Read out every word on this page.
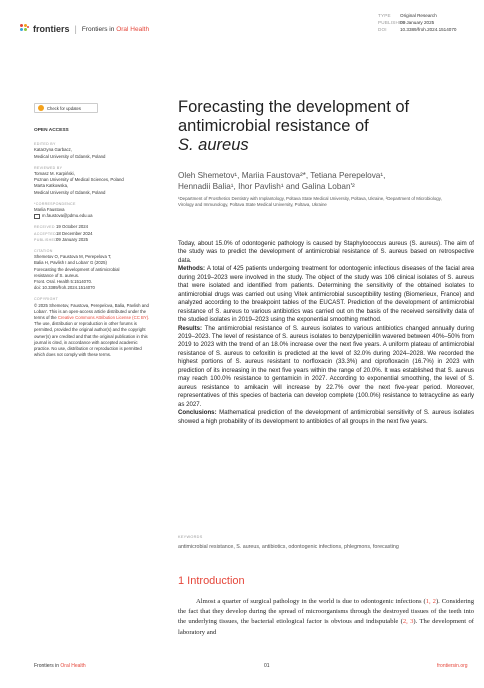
frontiers | Frontiers in Oral Health
TYPE Original Research
PUBLISHED09 January 2025
DOI	10.3389/froh.2024.1514070
Check for updates
OPEN ACCESS
EDITED BY
Katarzyna Garbacz,
Medical University of Gdansk, Poland
REVIEWED BY
Tomasz M. Karpiński,
Poznan University of Medical Sciences, Poland
Marta Katkowska,
Medical University of Gdansk, Poland
*CORRESPONDENCE
Mariia Faustova
m.faustova@pdmu.edu.ua
RECEIVED19 October 2024
ACCEPTED18 December 2024
PUBLISHED09 January 2025
CITATION
Shemetov O, Faustova M, Perepelova T,
Balia H, Pavlish I and Loban' G (2025)
Forecasting the development of antimicrobial
resistance of S. aureus.
Front. Oral. Health 5:1514070.
doi: 10.3389/froh.2024.1514070
COPYRIGHT
© 2025 Shemetov, Faustova, Perepelova, Balia, Pavlish and Loban'. This is an open-access article distributed under the terms of the Creative Commons Attribution License (CC BY). The use, distribution or reproduction in other forums is permitted, provided the original author(s) and the copyright owner(s) are credited and that the original publication in this journal is cited, in accordance with accepted academic practice. No use, distribution or reproduction is permitted which does not comply with these terms.
Forecasting the development of
antimicrobial resistance of
S. aureus
Oleh Shemetov¹, Mariia Faustova²*, Tetiana Perepelova¹,
Hennadii Balia¹, Ihor Pavlish¹ and Galina Loban'²
¹Department of Prosthetics Dentistry with Implantology, Poltava State Medical University, Poltava, Ukraine, ²Department of Microbiology, Virology and Immunology, Poltava State Medical University, Poltava, Ukraine

Today, about 15.0% of odontogenic pathology is caused by Staphylococcus aureus (S. aureus). The aim of the study was to predict the development of antimicrobial resistance of S. aureus based on retrospective data.

Methods: A total of 425 patients undergoing treatment for odontogenic infectious diseases of the facial area during 2019–2023 were involved in the study. The object of the study was 106 clinical isolates of S. aureus that were isolated and identified from patients. Determining the sensitivity of the obtained isolates to antimicrobial drugs was carried out using Vitek antimicrobial susceptibility testing (Biomerieux, France) and analyzed according to the breakpoint tables of the EUCAST. Prediction of the development of antimicrobial resistance of S. aureus to various antibiotics was carried out on the basis of the received sensitivity data of the studied isolates in 2019–2023 using the exponential smoothing method.

Results: The antimicrobial resistance of S. aureus isolates to various antibiotics changed annually during 2019–2023. The level of resistance of S. aureus isolates to benzylpenicillin wavered between 40%–50% from 2019 to 2023 with the trend of an 18.0% increase over the next five years. A uniform plateau of antimicrobial resistance of S. aureus to cefoxitin is predicted at the level of 32.0% during 2024–2028. We recorded the highest portions of S. aureus resistant to norfloxacin (33.3%) and ciprofloxacin (16.7%) in 2023 with prediction of its increasing in the next five years within the range of 20.0%. It was established that S. aureus may reach 100.0% resistance to gentamicin in 2027. According to exponential smoothing, the level of S. aureus resistance to amikacin will increase by 22.7% over the next five-year period. Moreover, representatives of this species of bacteria can develop complete (100.0%) resistance to tetracycline as early as 2027.

Conclusions: Mathematical prediction of the development of antimicrobial sensitivity of S. aureus isolates showed a high probability of its development to antibiotics of all groups in the next five years.

KEYWORDS
antimicrobial resistance, S. aureus, antibiotics, odontogenic infections, phlegmons, forecasting
1 Introduction
Almost a quarter of surgical pathology in the world is due to odontogenic infections (1, 2). Considering the fact that they develop during the spread of microorganisms through the destroyed tissues of the teeth into the underlying tissues, the bacterial etiological factor is obvious and indisputable (2, 3). The development of laboratory and
Frontiers in Oral Health	01	frontiersin.org
